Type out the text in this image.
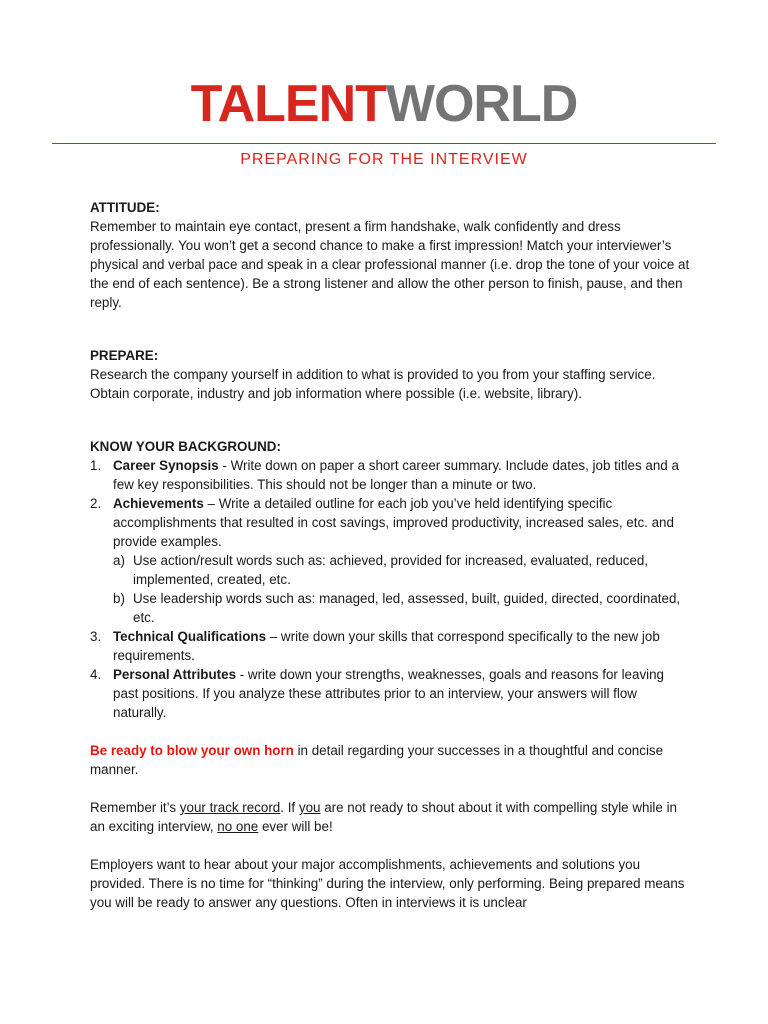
TALENTWORLD
PREPARING FOR THE INTERVIEW

ATTITUDE:

Remember to maintain eye contact, present a firm handshake, walk confidently and dress professionally. You won’t get a second chance to make a first impression! Match your interviewer’s physical and verbal pace and speak in a clear professional manner (i.e. drop the tone of your voice at the end of each sentence). Be a strong listener and allow the other person to finish, pause, and then reply.

PREPARE:

Research the company yourself in addition to what is provided to you from your staffing service. Obtain corporate, industry and job information where possible (i.e. website, library).

KNOW YOUR BACKGROUND:

1. Career Synopsis - Write down on paper a short career summary. Include dates, job titles and a few key responsibilities. This should not be longer than a minute or two.
2. Achievements – Write a detailed outline for each job you’ve held identifying specific accomplishments that resulted in cost savings, improved productivity, increased sales, etc. and provide examples.
a) Use action/result words such as: achieved, provided for increased, evaluated, reduced, implemented, created, etc.
b) Use leadership words such as: managed, led, assessed, built, guided, directed, coordinated, etc.
3. Technical Qualifications – write down your skills that correspond specifically to the new job requirements.
4. Personal Attributes - write down your strengths, weaknesses, goals and reasons for leaving past positions. If you analyze these attributes prior to an interview, your answers will flow naturally.

Be ready to blow your own horn in detail regarding your successes in a thoughtful and concise manner.

Remember it’s your track record. If you are not ready to shout about it with compelling style while in an exciting interview, no one ever will be!

Employers want to hear about your major accomplishments, achievements and solutions you provided. There is no time for “thinking” during the interview, only performing. Being prepared means you will be ready to answer any questions. Often in interviews it is unclear
